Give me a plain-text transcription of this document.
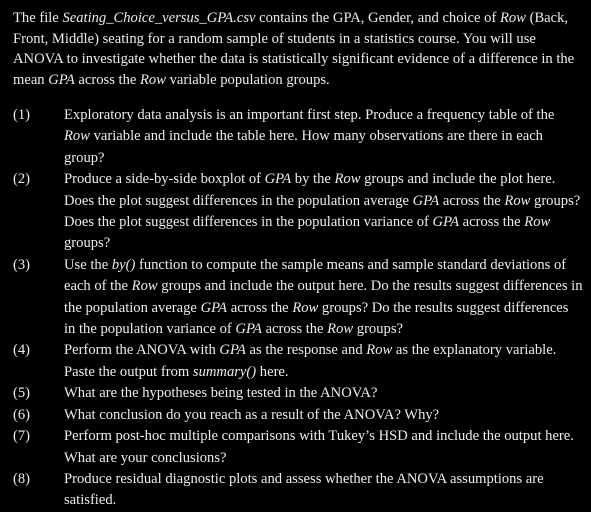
The file Seating_Choice_versus_GPA.csv contains the GPA, Gender, and choice of Row (Back, Front, Middle) seating for a random sample of students in a statistics course. You will use ANOVA to investigate whether the data is statistically significant evidence of a difference in the mean GPA across the Row variable population groups.

(1) Exploratory data analysis is an important first step. Produce a frequency table of the Row variable and include the table here. How many observations are there in each group?
(2) Produce a side-by-side boxplot of GPA by the Row groups and include the plot here. Does the plot suggest differences in the population average GPA across the Row groups? Does the plot suggest differences in the population variance of GPA across the Row groups?
(3) Use the by() function to compute the sample means and sample standard deviations of each of the Row groups and include the output here. Do the results suggest differences in the population average GPA across the Row groups? Do the results suggest differences in the population variance of GPA across the Row groups?
(4) Perform the ANOVA with GPA as the response and Row as the explanatory variable. Paste the output from summary() here.
(5) What are the hypotheses being tested in the ANOVA?
(6) What conclusion do you reach as a result of the ANOVA? Why?
(7) Perform post-hoc multiple comparisons with Tukey’s HSD and include the output here. What are your conclusions?
(8) Produce residual diagnostic plots and assess whether the ANOVA assumptions are satisfied.
